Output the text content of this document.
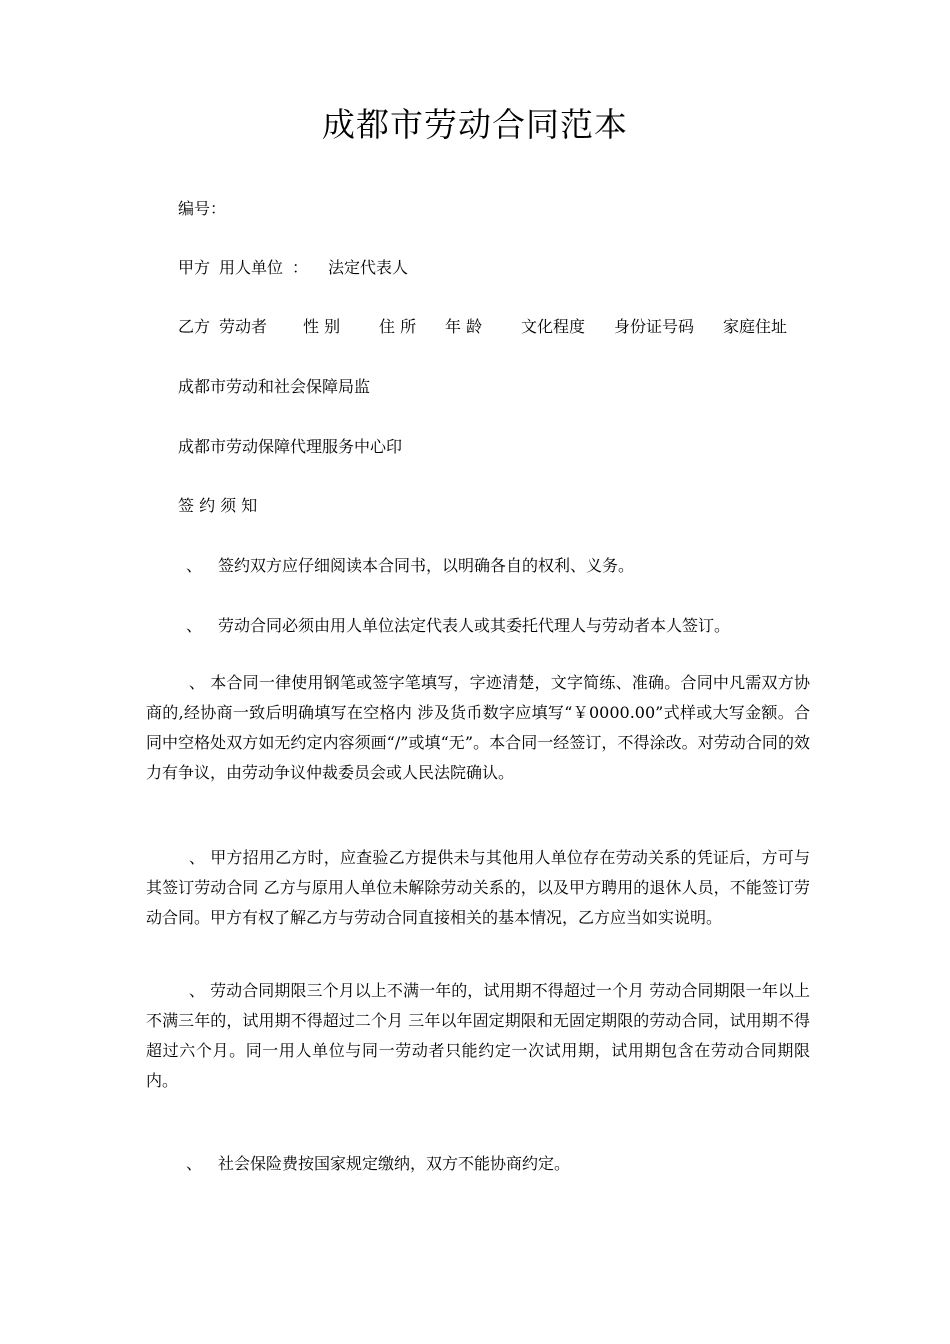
成都市劳动合同范本
编号：
甲方 用人单位 ： 法定代表人
乙方 劳动者 性 别 住 所 年 龄 文化程度 身份证号码 家庭住址
成都市劳动和社会保障局监
成都市劳动保障代理服务中心印
签 约 须 知
、 签约双方应仔细阅读本合同书，以明确各自的权利、义务。
、 劳动合同必须由用人单位法定代表人或其委托代理人与劳动者本人签订。
、 本合同一律使用钢笔或签字笔填写，字迹清楚，文字简练、准确。合同中凡需双方协商的,经协商一致后明确填写在空格内 涉及货币数字应填写“￥0000.00”式样或大写金额。合同中空格处双方如无约定内容须画“/”或填“无”。本合同一经签订，不得涂改。对劳动合同的效力有争议，由劳动争议仲裁委员会或人民法院确认。
、 甲方招用乙方时，应查验乙方提供未与其他用人单位存在劳动关系的凭证后，方可与其签订劳动合同 乙方与原用人单位未解除劳动关系的，以及甲方聘用的退休人员，不能签订劳动合同。甲方有权了解乙方与劳动合同直接相关的基本情况，乙方应当如实说明。
、 劳动合同期限三个月以上不满一年的，试用期不得超过一个月 劳动合同期限一年以上不满三年的，试用期不得超过二个月 三年以年固定期限和无固定期限的劳动合同，试用期不得超过六个月。同一用人单位与同一劳动者只能约定一次试用期，试用期包含在劳动合同期限内。
、 社会保险费按国家规定缴纳，双方不能协商约定。
